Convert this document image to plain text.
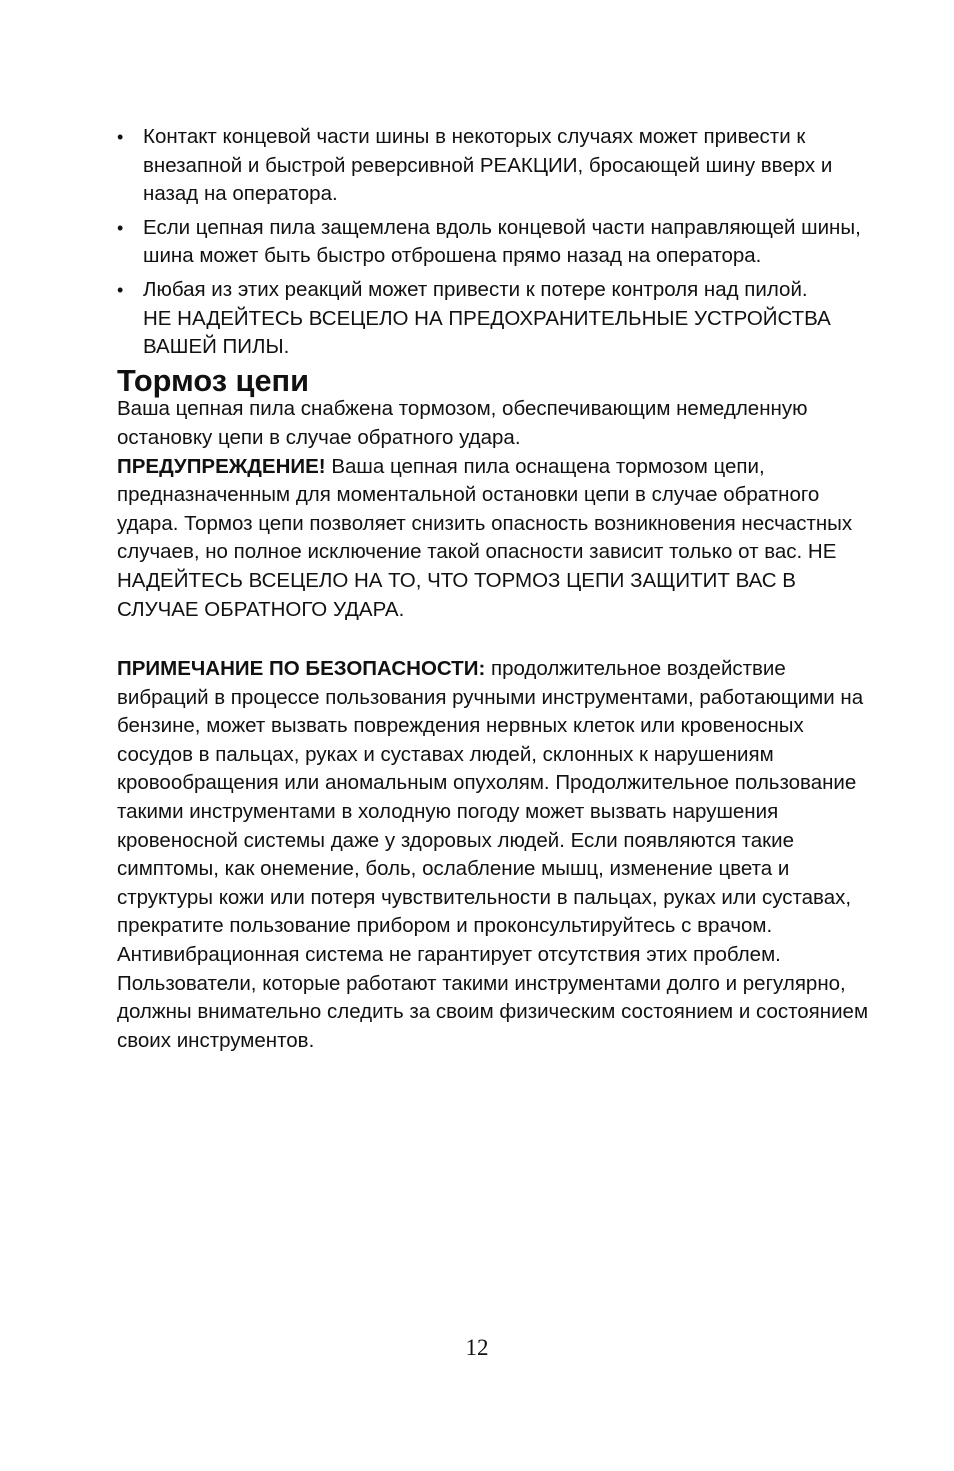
• Контакт концевой части шины в некоторых случаях может привести к внезапной и быстрой реверсивной РЕАКЦИИ, бросающей шину вверх и назад на оператора.
• Если цепная пила защемлена вдоль концевой части направляющей шины, шина может быть быстро отброшена прямо назад на оператора.
• Любая из этих реакций может привести к потере контроля над пилой.
НЕ НАДЕЙТЕСЬ ВСЕЦЕЛО НА ПРЕДОХРАНИТЕЛЬНЫЕ УСТРОЙСТВА ВАШЕЙ ПИЛЫ.
Тормоз цепи

Ваша цепная пила снабжена тормозом, обеспечивающим немедленную остановку цепи в случае обратного удара.

ПРЕДУПРЕЖДЕНИЕ! Ваша цепная пила оснащена тормозом цепи, предназначенным для моментальной остановки цепи в случае обратного удара. Тормоз цепи позволяет снизить опасность возникновения несчастных случаев, но полное исключение такой опасности зависит только от вас. НЕ НАДЕЙТЕСЬ ВСЕЦЕЛО НА ТО, ЧТО ТОРМОЗ ЦЕПИ ЗАЩИТИТ ВАС В СЛУЧАЕ ОБРАТНОГО УДАРА.

ПРИМЕЧАНИЕ ПО БЕЗОПАСНОСТИ: продолжительное воздействие вибраций в процессе пользования ручными инструментами, работающими на бензине, может вызвать повреждения нервных клеток или кровеносных сосудов в пальцах, руках и суставах людей, склонных к нарушениям кровообращения или аномальным опухолям. Продолжительное пользование такими инструментами в холодную погоду может вызвать нарушения кровеносной системы даже у здоровых людей. Если появляются такие симптомы, как онемение, боль, ослабление мышц, изменение цвета и структуры кожи или потеря чувствительности в пальцах, руках или суставах, прекратите пользование прибором и проконсультируйтесь с врачом. Антивибрационная система не гарантирует отсутствия этих проблем. Пользователи, которые работают такими инструментами долго и регулярно, должны внимательно следить за своим физическим состоянием и состоянием своих инструментов.

12
